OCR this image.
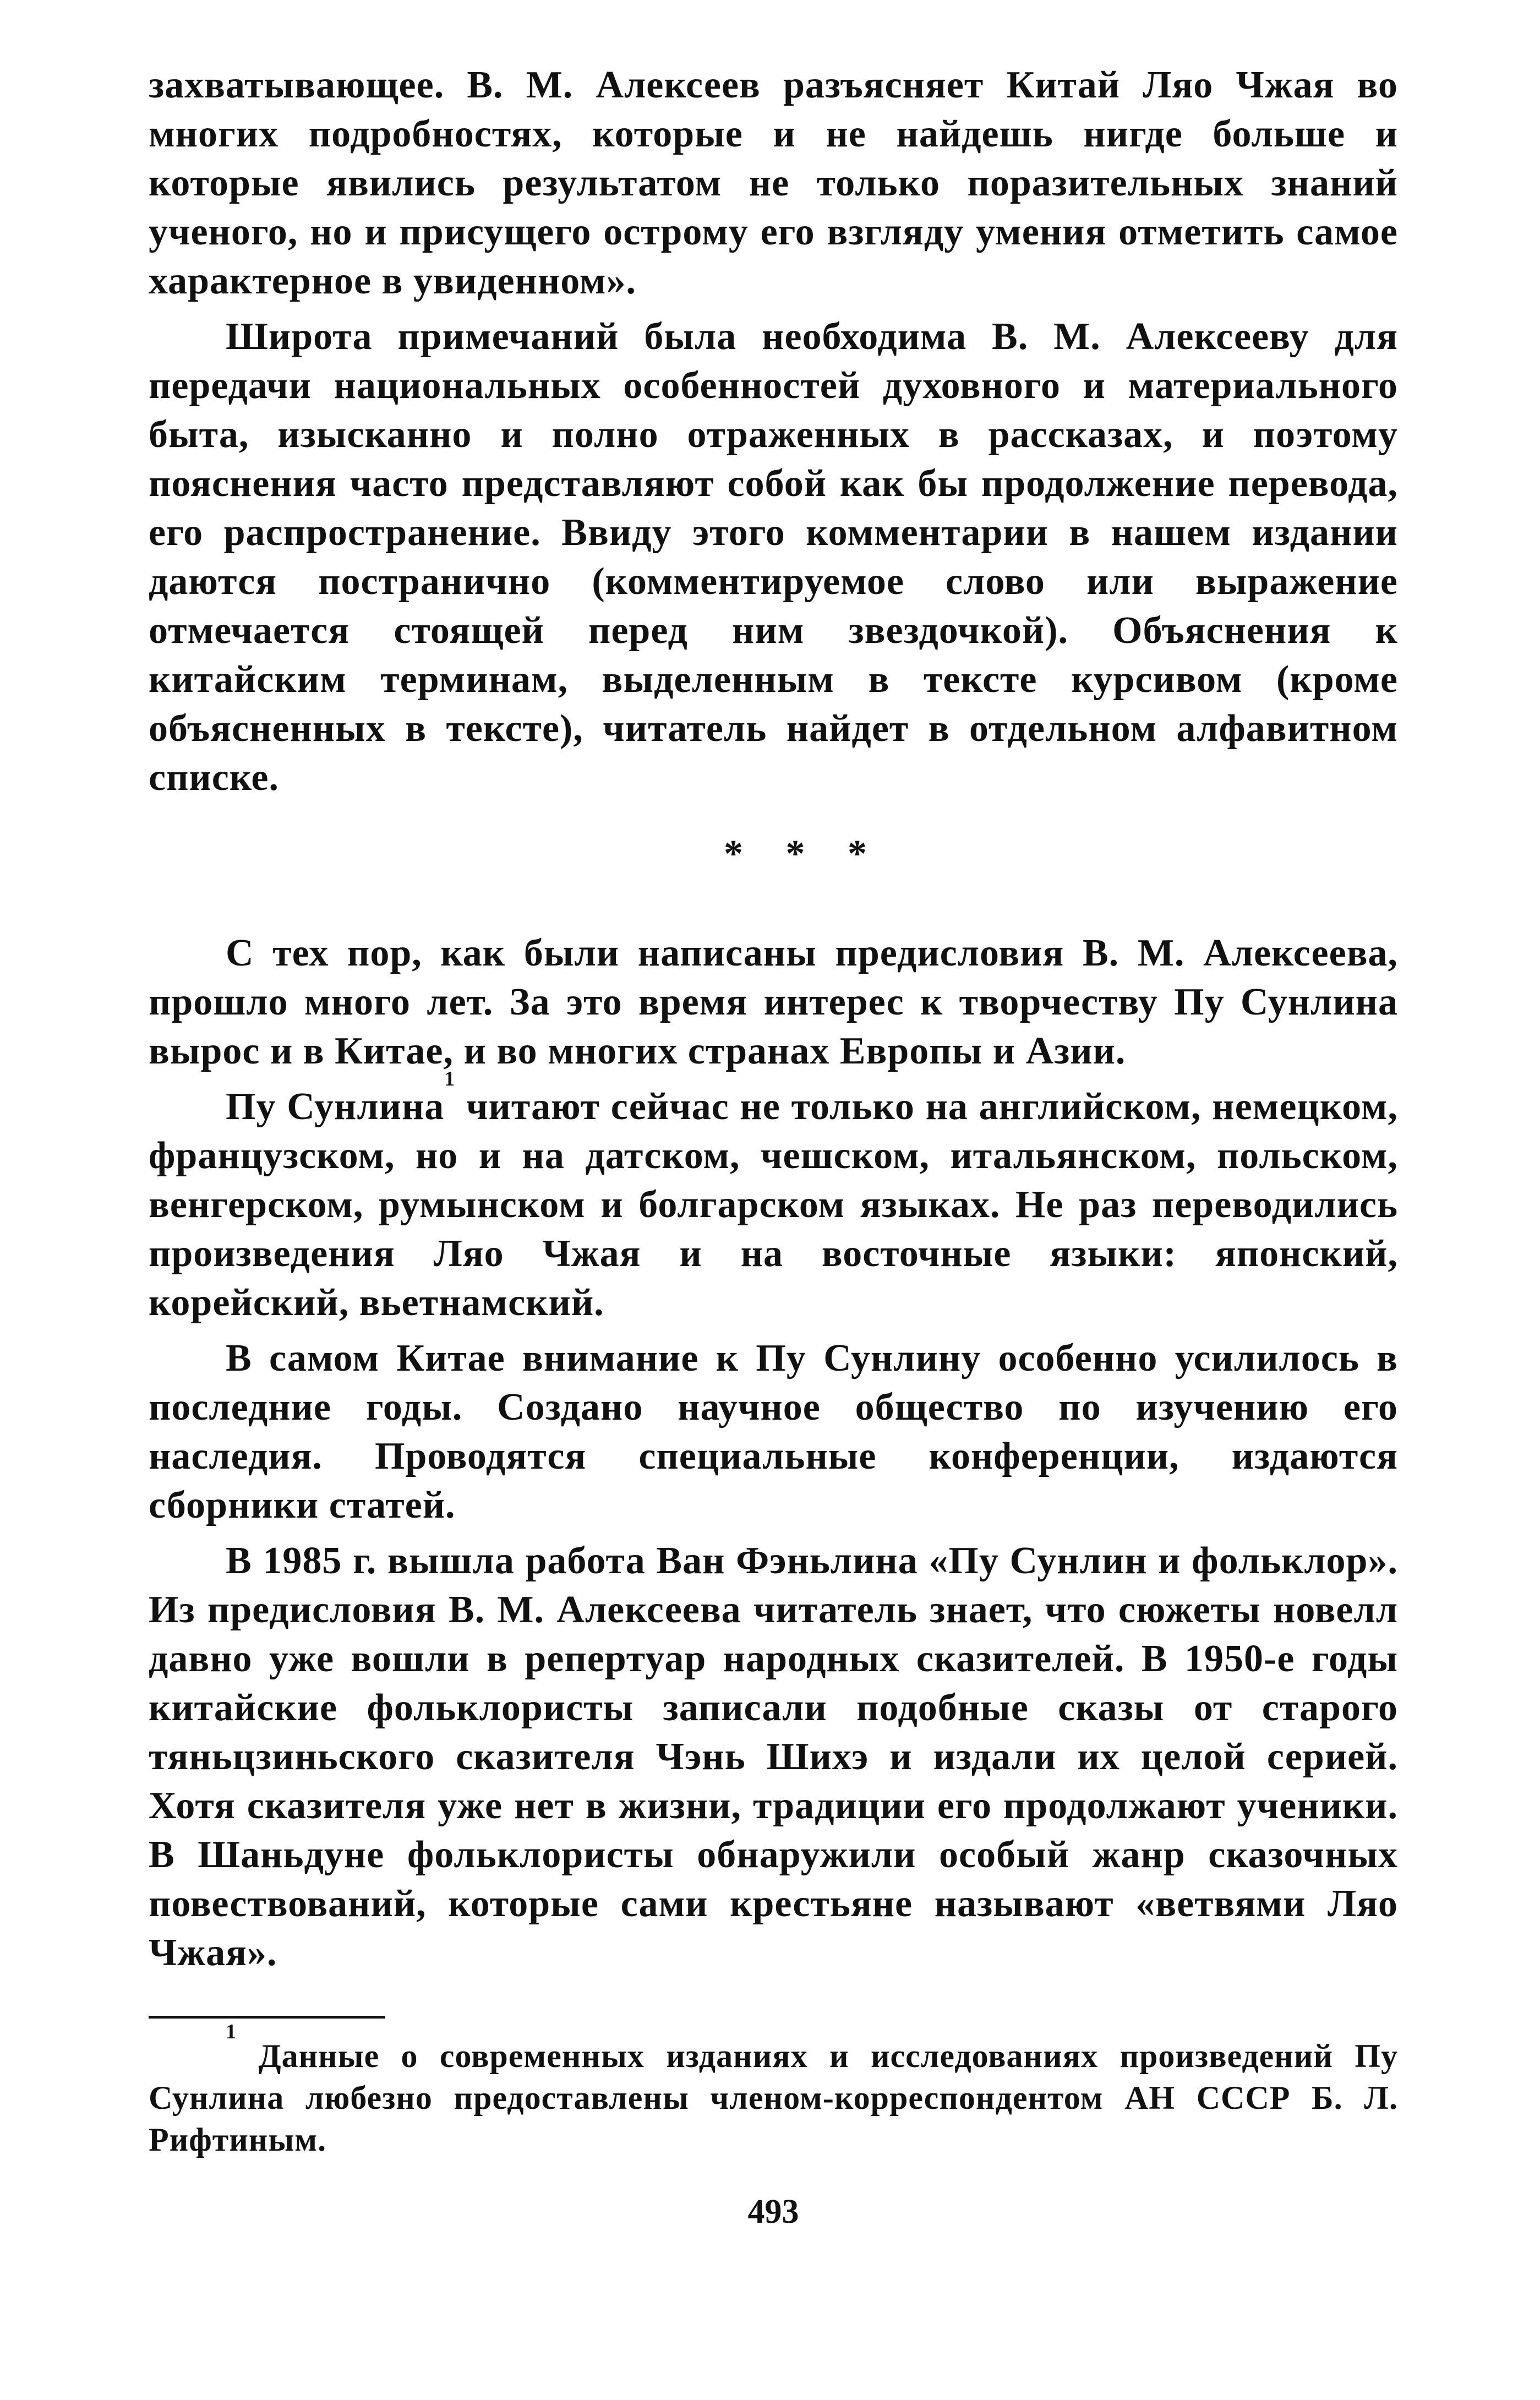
захватывающее. В. М. Алексеев разъясняет Китай Ляо Чжая во многих подробностях, которые и не найдешь нигде больше и которые явились результатом не только поразительных знаний ученого, но и присущего острому его взгляду умения отметить самое характерное в увиденном».

Широта примечаний была необходима В. М. Алексееву для передачи национальных особенностей духовного и материального быта, изысканно и полно отраженных в рассказах, и поэтому пояснения часто представляют собой как бы продолжение перевода, его распространение. Ввиду этого комментарии в нашем издании даются постранично (комментируемое слово или выражение отмечается стоящей перед ним звездочкой). Объяснения к китайским терминам, выделенным в тексте курсивом (кроме объясненных в тексте), читатель найдет в отдельном алфавитном списке.

* * *

С тех пор, как были написаны предисловия В. М. Алексеева, прошло много лет. За это время интерес к творчеству Пу Сунлина вырос и в Китае, и во многих странах Европы и Азии.

Пу Сунлина$^1$ читают сейчас не только на английском, немецком, французском, но и на датском, чешском, итальянском, польском, венгерском, румынском и болгарском языках. Не раз переводились произведения Ляо Чжая и на восточные языки: японский, корейский, вьетнамский.

В самом Китае внимание к Пу Сунлину особенно усилилось в последние годы. Создано научное общество по изучению его наследия. Проводятся специальные конференции, издаются сборники статей.

В 1985 г. вышла работа Ван Фэньлина «Пу Сунлин и фольклор». Из предисловия В. М. Алексеева читатель знает, что сюжеты новелл давно уже вошли в репертуар народных сказителей. В 1950-е годы китайские фольклористы записали подобные сказы от старого тяньцзиньского сказителя Чэнь Шихэ и издали их целой серией. Хотя сказителя уже нет в жизни, традиции его продолжают ученики. В Шаньдуне фольклористы обнаружили особый жанр сказочных повествований, которые сами крестьяне называют «ветвями Ляо Чжая».

$^1$ Данные о современных изданиях и исследованиях произведений Пу Сунлина любезно предоставлены членом-корреспондентом АН СССР Б. Л. Рифтиным.

493
